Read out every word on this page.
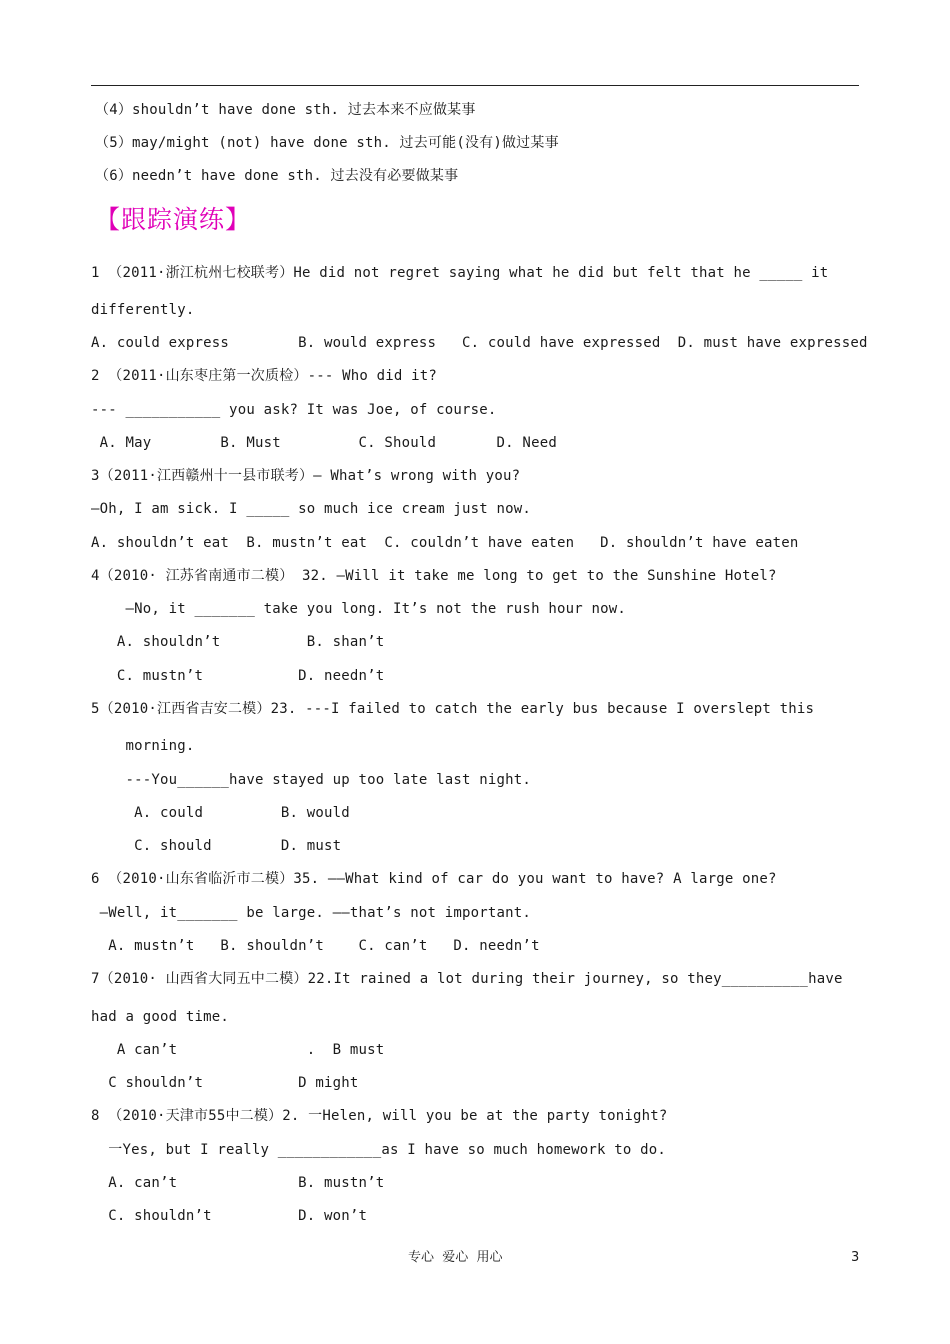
（4）shouldn’t have done sth. 过去本来不应做某事
（5）may/might (not) have done sth. 过去可能(没有)做过某事
（6）needn’t have done sth. 过去没有必要做某事
【跟踪演练】
1 （2011·浙江杭州七校联考）He did not regret saying what he did but felt that he _____ it
differently.
A. could express        B. would express   C. could have expressed  D. must have expressed
2 （2011·山东枣庄第一次质检）--- Who did it?
--- ___________ you ask? It was Joe, of course.
A. May        B. Must         C. Should       D. Need
3（2011·江西赣州十一县市联考）– What’s wrong with you?
—Oh, I am sick. I _____ so much ice cream just now.
A. shouldn’t eat  B. mustn’t eat  C. couldn’t have eaten   D. shouldn’t have eaten
4（2010· 江苏省南通市二模） 32. —Will it take me long to get to the Sunshine Hotel?
—No, it _______ take you long. It’s not the rush hour now.
A. shouldn’t          B. shan’t
C. mustn’t           D. needn’t
5（2010·江西省吉安二模）23. ---I failed to catch the early bus because I overslept this
morning.
---You______have stayed up too late last night.
A. could         B. would
C. should        D. must
6 （2010·山东省临沂市二模）35. ——What kind of car do you want to have? A large one?
—Well, it_______ be large. ——that’s not important.
A. mustn’t   B. shouldn’t    C. can’t   D. needn’t
7（2010· 山西省大同五中二模）22.It rained a lot during their journey, so they__________have
had a good time.
A can’t               .  B must
C shouldn’t           D might
8 （2010·天津市55中二模）2. 一Helen, will you be at the party tonight?
一Yes, but I really ____________as I have so much homework to do.
A. can’t              B. mustn’t
C. shouldn’t          D. won’t
专心  爱心  用心	3
